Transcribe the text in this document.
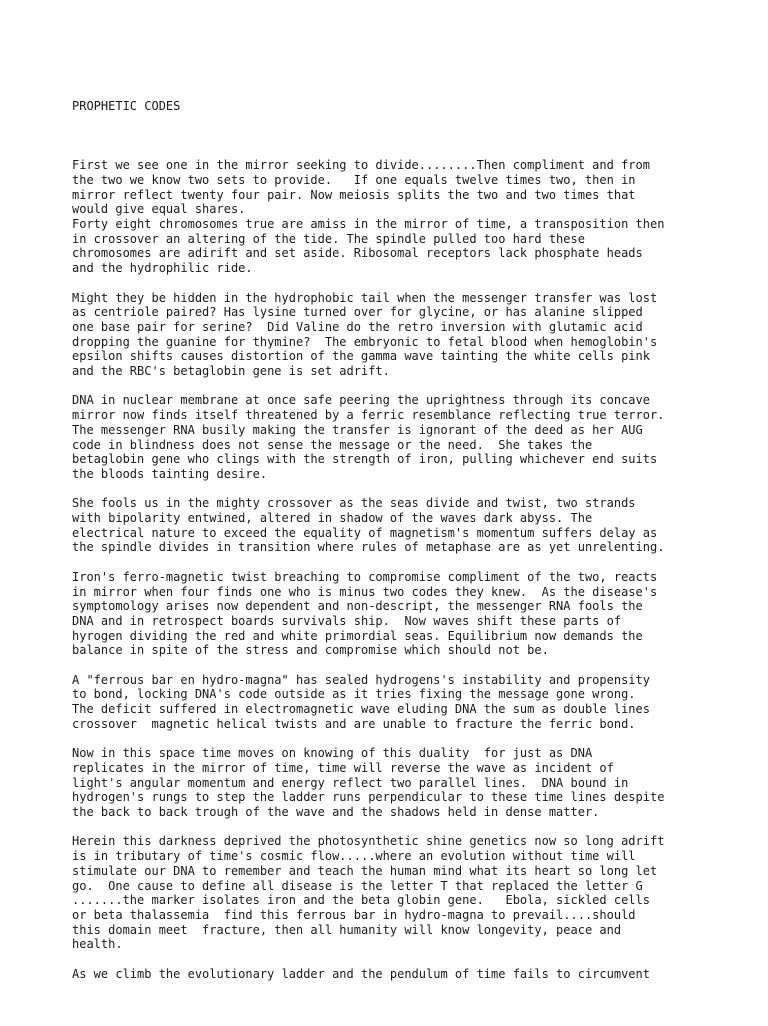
PROPHETIC CODES

First we see one in the mirror seeking to divide........Then compliment and from
the two we know two sets to provide.   If one equals twelve times two, then in
mirror reflect twenty four pair. Now meiosis splits the two and two times that
would give equal shares.
Forty eight chromosomes true are amiss in the mirror of time, a transposition then
in crossover an altering of the tide. The spindle pulled too hard these
chromosomes are adirift and set aside. Ribosomal receptors lack phosphate heads
and the hydrophilic ride.
Might they be hidden in the hydrophobic tail when the messenger transfer was lost
as centriole paired? Has lysine turned over for glycine, or has alanine slipped
one base pair for serine?  Did Valine do the retro inversion with glutamic acid
dropping the guanine for thymine?  The embryonic to fetal blood when hemoglobin's
epsilon shifts causes distortion of the gamma wave tainting the white cells pink
and the RBC's betaglobin gene is set adrift.
DNA in nuclear membrane at once safe peering the uprightness through its concave
mirror now finds itself threatened by a ferric resemblance reflecting true terror.
The messenger RNA busily making the transfer is ignorant of the deed as her AUG
code in blindness does not sense the message or the need.  She takes the
betaglobin gene who clings with the strength of iron, pulling whichever end suits
the bloods tainting desire.
She fools us in the mighty crossover as the seas divide and twist, two strands
with bipolarity entwined, altered in shadow of the waves dark abyss. The
electrical nature to exceed the equality of magnetism's momentum suffers delay as
the spindle divides in transition where rules of metaphase are as yet unrelenting.
Iron's ferro-magnetic twist breaching to compromise compliment of the two, reacts
in mirror when four finds one who is minus two codes they knew.  As the disease's
symptomology arises now dependent and non-descript, the messenger RNA fools the
DNA and in retrospect boards survivals ship.  Now waves shift these parts of
hyrogen dividing the red and white primordial seas. Equilibrium now demands the
balance in spite of the stress and compromise which should not be.
A "ferrous bar en hydro-magna" has sealed hydrogens's instability and propensity
to bond, locking DNA's code outside as it tries fixing the message gone wrong.
The deficit suffered in electromagnetic wave eluding DNA the sum as double lines
crossover  magnetic helical twists and are unable to fracture the ferric bond.
Now in this space time moves on knowing of this duality  for just as DNA
replicates in the mirror of time, time will reverse the wave as incident of
light's angular momentum and energy reflect two parallel lines.  DNA bound in
hydrogen's rungs to step the ladder runs perpendicular to these time lines despite
the back to back trough of the wave and the shadows held in dense matter.
Herein this darkness deprived the photosynthetic shine genetics now so long adrift
is in tributary of time's cosmic flow.....where an evolution without time will
stimulate our DNA to remember and teach the human mind what its heart so long let
go.  One cause to define all disease is the letter T that replaced the letter G
.......the marker isolates iron and the beta globin gene.   Ebola, sickled cells
or beta thalassemia  find this ferrous bar in hydro-magna to prevail....should
this domain meet  fracture, then all humanity will know longevity, peace and
health.
As we climb the evolutionary ladder and the pendulum of time fails to circumvent
